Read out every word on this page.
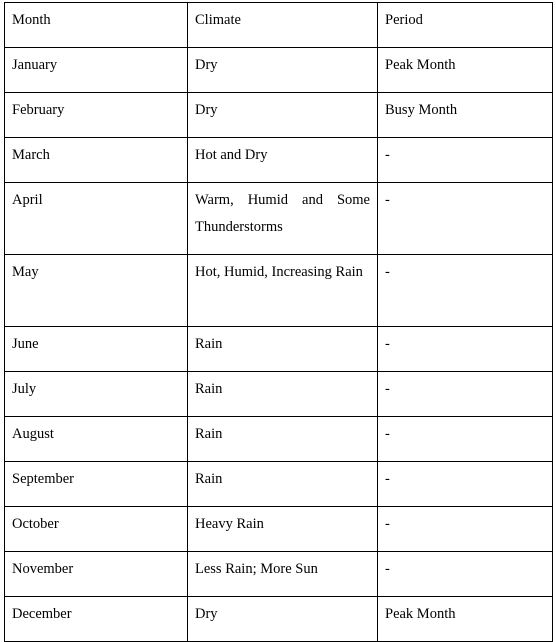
Month	Climate	Period
January	Dry	Peak Month
February	Dry	Busy Month
March	Hot and Dry	-
April	Warm, Humid and Some Thunderstorms	-
May	Hot, Humid, Increasing Rain	-
June	Rain	-
July	Rain	-
August	Rain	-
September	Rain	-
October	Heavy Rain	-
November	Less Rain; More Sun	-
December	Dry	Peak Month
